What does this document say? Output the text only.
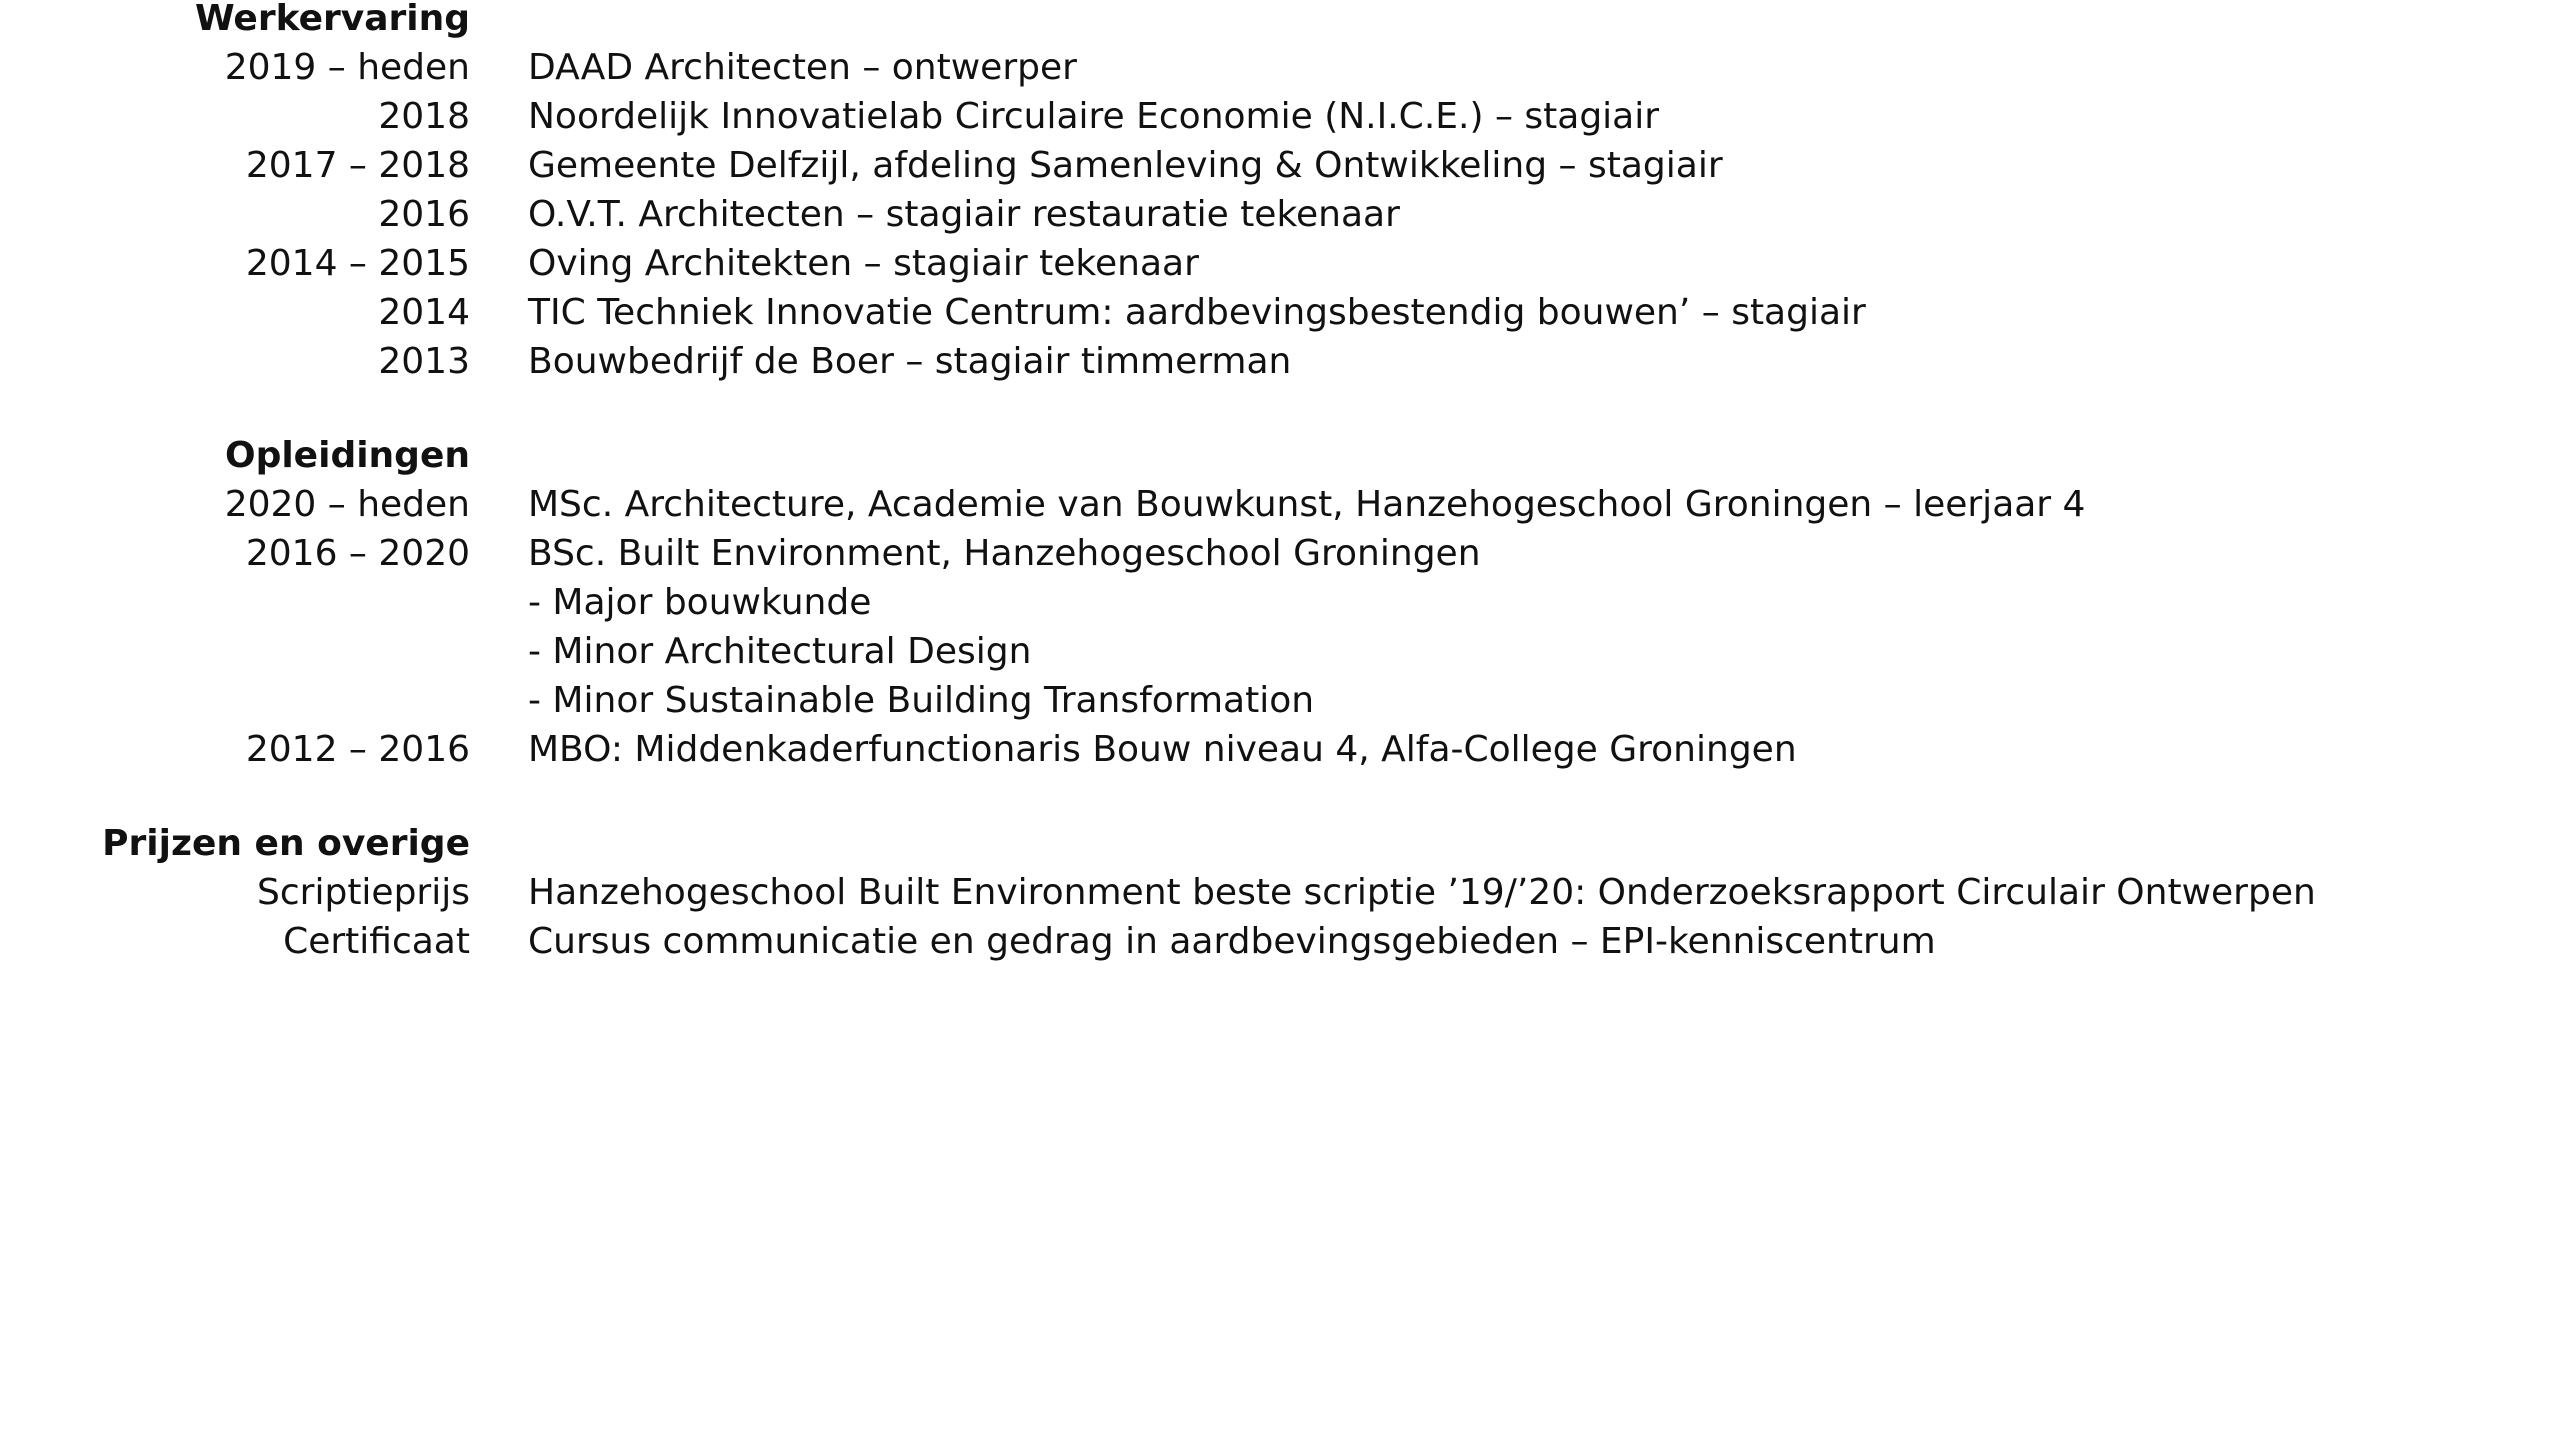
Werkervaring
2019 – heden DAAD Architecten – ontwerper
2018 Noordelijk Innovatielab Circulaire Economie (N.I.C.E.) – stagiair
2017 – 2018 Gemeente Delfzijl, afdeling Samenleving & Ontwikkeling – stagiair
2016 O.V.T. Architecten – stagiair restauratie tekenaar
2014 – 2015 Oving Architekten – stagiair tekenaar
2014 TIC Techniek Innovatie Centrum: aardbevingsbestendig bouwen’ – stagiair
2013 Bouwbedrijf de Boer – stagiair timmerman
Opleidingen
2020 – heden MSc. Architecture, Academie van Bouwkunst, Hanzehogeschool Groningen – leerjaar 4
2016 – 2020 BSc. Built Environment, Hanzehogeschool Groningen
- Major bouwkunde
- Minor Architectural Design
- Minor Sustainable Building Transformation
2012 – 2016 MBO: Middenkaderfunctionaris Bouw niveau 4, Alfa-College Groningen
Prijzen en overige
Scriptieprijs Hanzehogeschool Built Environment beste scriptie ’19/’20: Onderzoeksrapport Circulair Ontwerpen
Certificaat Cursus communicatie en gedrag in aardbevingsgebieden – EPI-kenniscentrum
